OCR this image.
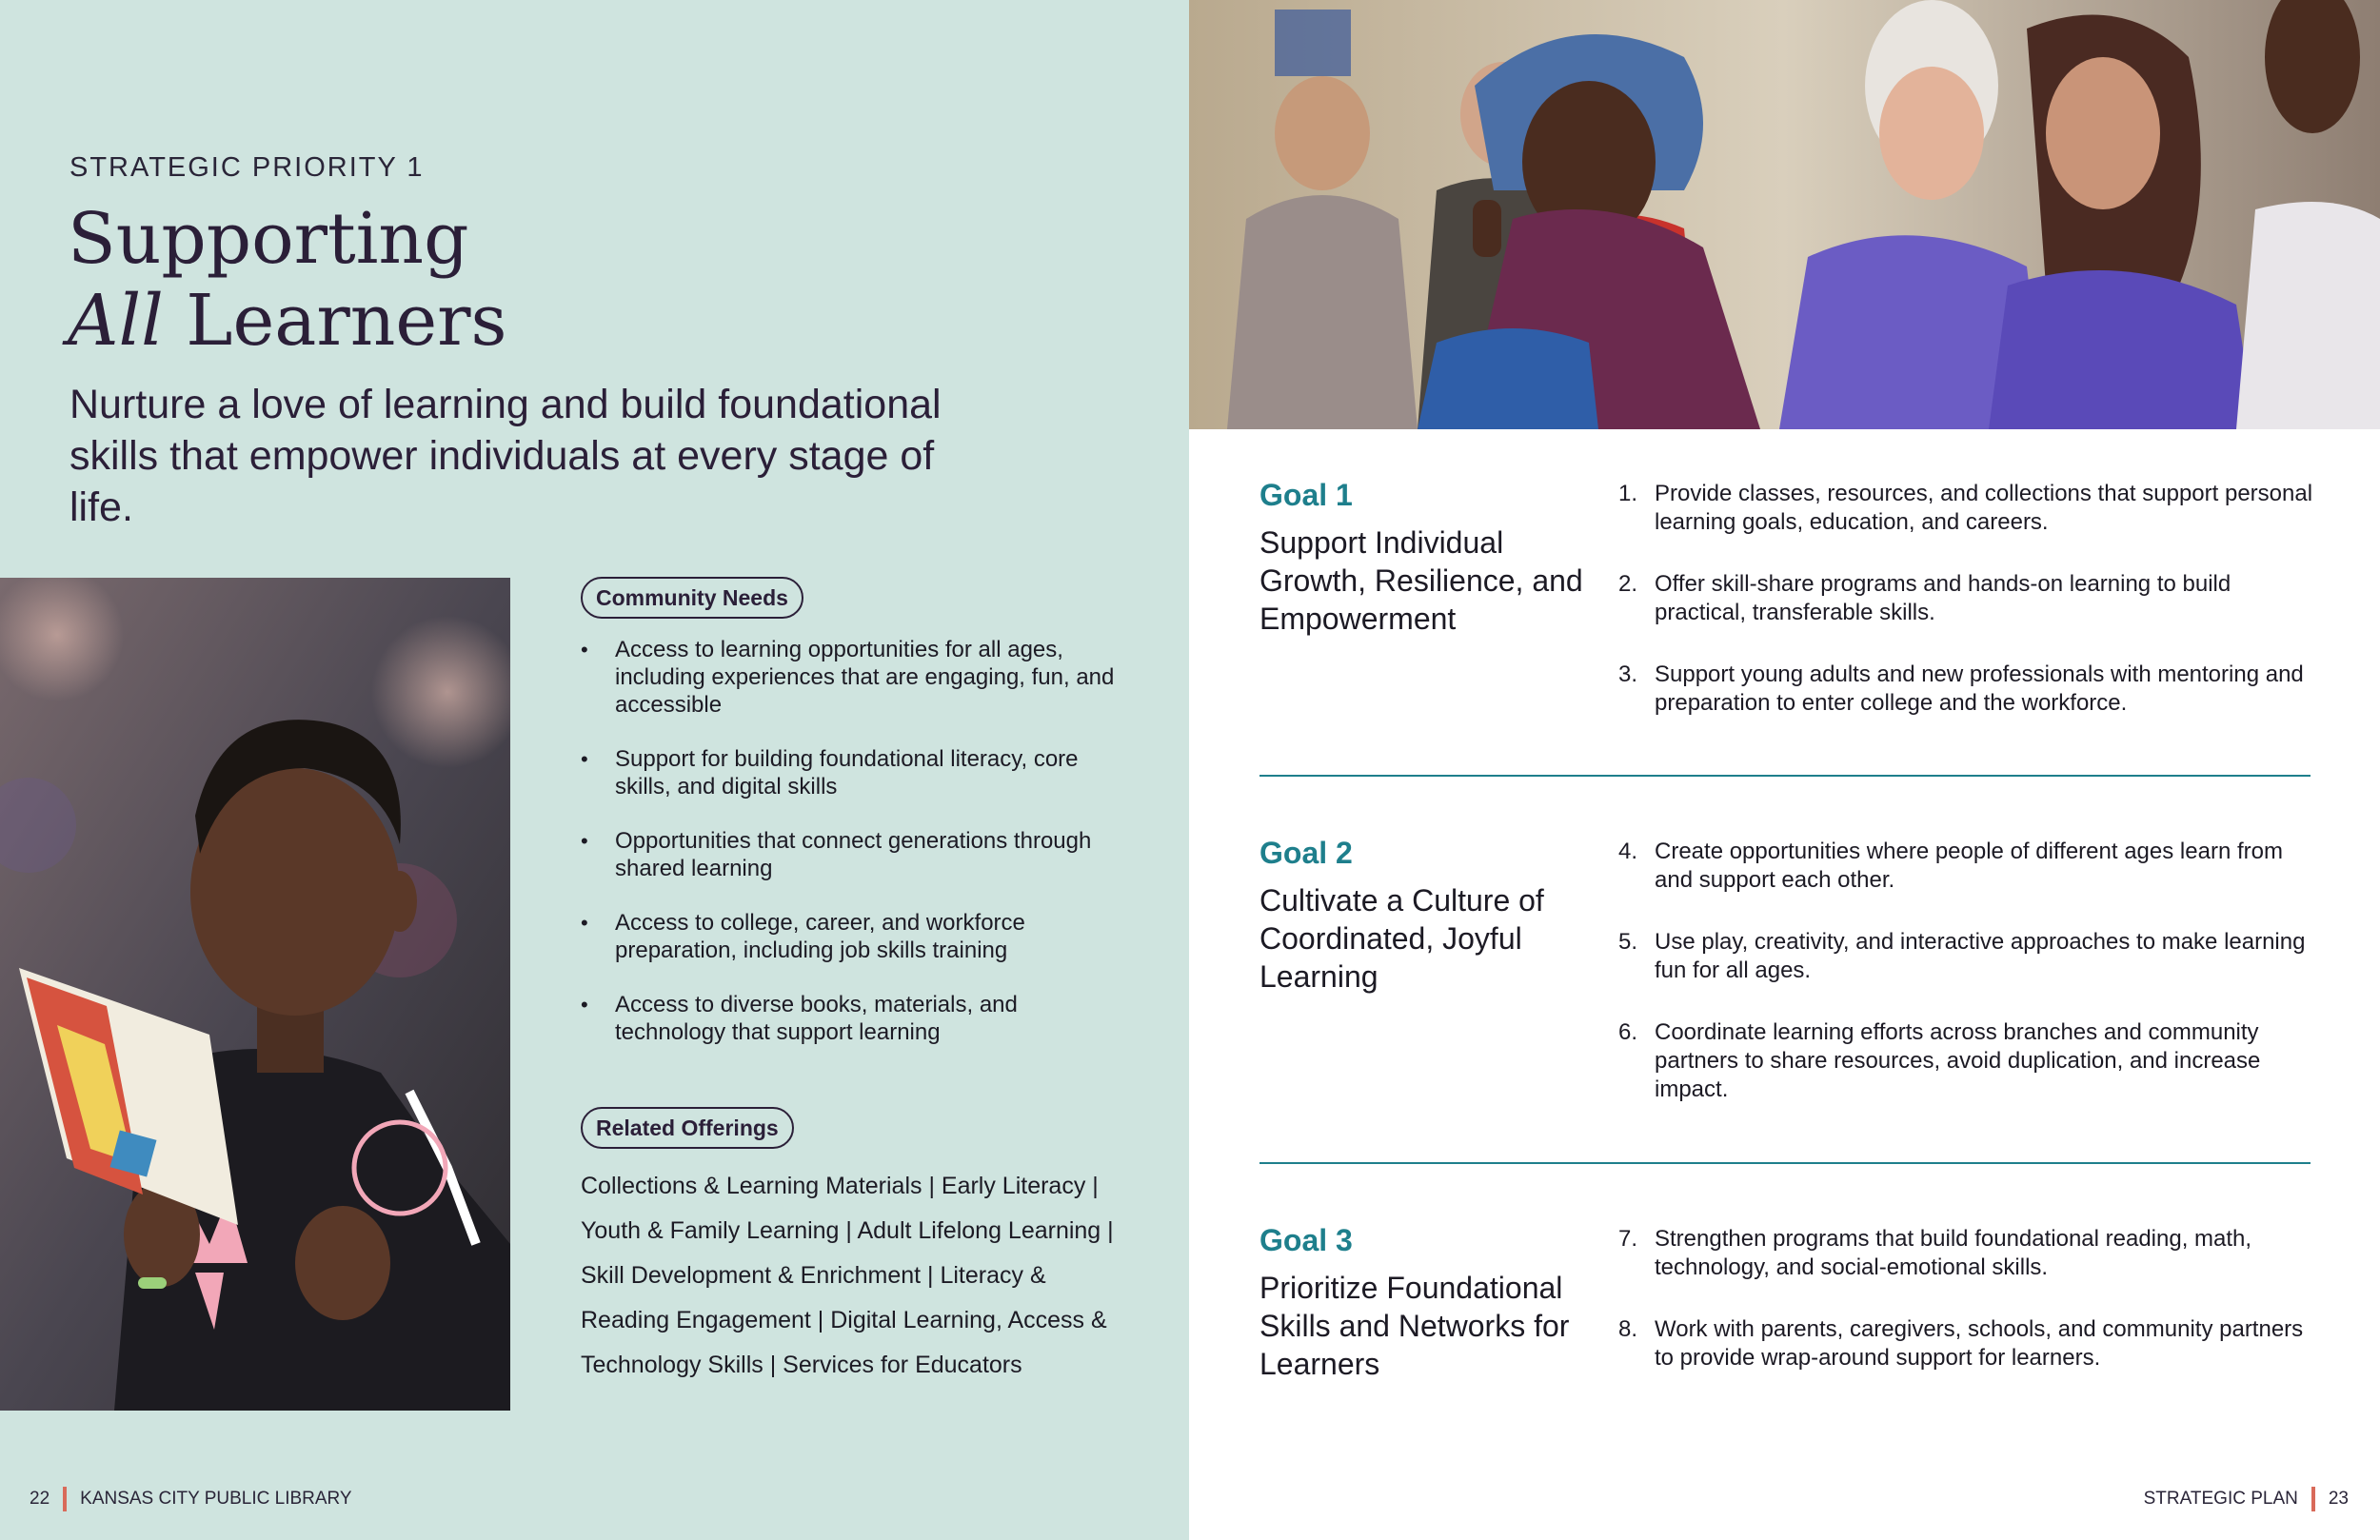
STRATEGIC PRIORITY 1
Supporting
All Learners

Nurture a love of learning and build foundational skills that empower individuals at every stage of life.

Community Needs
• Access to learning opportunities for all ages, including experiences that are engaging, fun, and accessible
• Support for building foundational literacy, core skills, and digital skills
• Opportunities that connect generations through shared learning
• Access to college, career, and workforce preparation, including job skills training
• Access to diverse books, materials, and technology that support learning
Related Offerings
Collections & Learning Materials | Early Literacy | Youth & Family Learning | Adult Lifelong Learning | Skill Development & Enrichment | Literacy & Reading Engagement | Digital Learning, Access & Technology Skills | Services for Educators
22 KANSAS CITY PUBLIC LIBRARY
Goal 1
Support Individual Growth, Resilience, and Empowerment
1. Provide classes, resources, and collections that support personal learning goals, education, and careers.
2. Offer skill-share programs and hands-on learning to build practical, transferable skills.
3. Support young adults and new professionals with mentoring and preparation to enter college and the workforce.
Goal 2
Cultivate a Culture of Coordinated, Joyful Learning
4. Create opportunities where people of different ages learn from and support each other.
5. Use play, creativity, and interactive approaches to make learning fun for all ages.
6. Coordinate learning efforts across branches and community partners to share resources, avoid duplication, and increase impact.
Goal 3
Prioritize Foundational Skills and Networks for Learners
7. Strengthen programs that build foundational reading, math, technology, and social-emotional skills.
8. Work with parents, caregivers, schools, and community partners to provide wrap-around support for learners.
STRATEGIC PLAN 23
